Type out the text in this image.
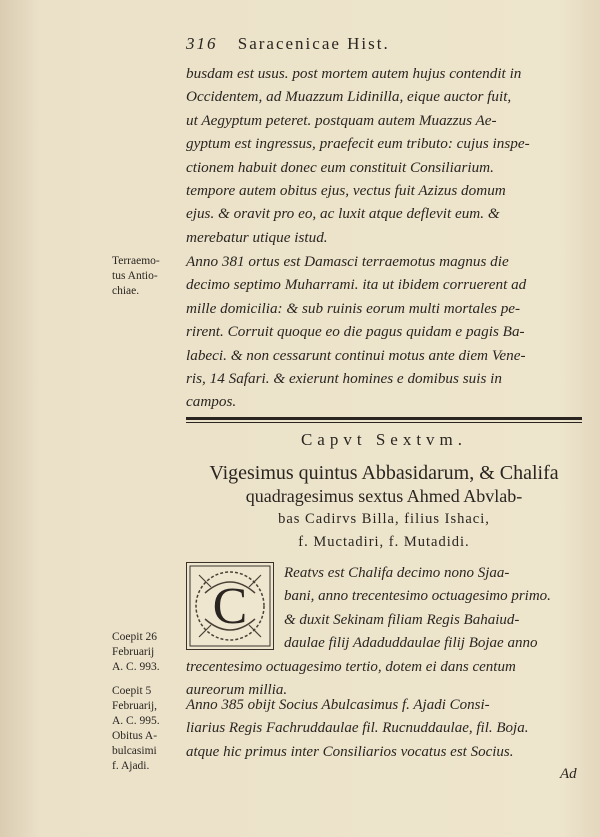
316 Saracenicae Hist.
busdam est usus. post mortem autem hujus contendit in
Occidentem, ad Muazzum Lidinilla, eique auctor fuit,
ut Aegyptum peteret. postquam autem Muazzus Ae-
gyptum est ingressus, praefecit eum tributo: cujus inspe-
ctionem habuit donec eum constituit Consiliarium.
tempore autem obitus ejus, vectus fuit Azizus domum
ejus. & oravit pro eo, ac luxit atque deflevit eum. &
merebatur utique istud.
Terraemo-
tus Antio-
chiae.
Anno 381 ortus est Damasci terraemotus magnus die
decimo septimo Muharrami. ita ut ibidem corruerent ad
mille domicilia: & sub ruinis eorum multi mortales pe-
rirent. Corruit quoque eo die pagus quidam e pagis Ba-
labeci. & non cessarunt continui motus ante diem Vene-
ris, 14 Safari. & exierunt homines e domibus suis in
campos.
Capvt Sextvm.
Vigesimus quintus Abbasidarum, & Chalifa
quadragesimus sextus Ahmed Abvlab-
bas Cadirvs Billa, filius Ishaci,
f. Muctadiri, f. Mutadidi.
C
Reatvs est Chalifa decimo nono Sjaa-
bani, anno trecentesimo octuagesimo primo.
& duxit Sekinam filiam Regis Bahaiud-
daulae filij Adaduddaulae filij Bojae anno
Coepit 26
Februarij
A. C. 993.	trecentesimo octuagesimo tertio, dotem ei dans centum
aureorum millia.
Coepit 5
Februarij,
A. C. 995.
Obitus A-
bulcasimi
f. Ajadi.
Anno 385 obijt Socius Abulcasimus f. Ajadi Consi-
liarius Regis Fachruddaulae fil. Rucnuddaulae, fil. Boja.
atque hic primus inter Consiliarios vocatus est Socius.
Ad
